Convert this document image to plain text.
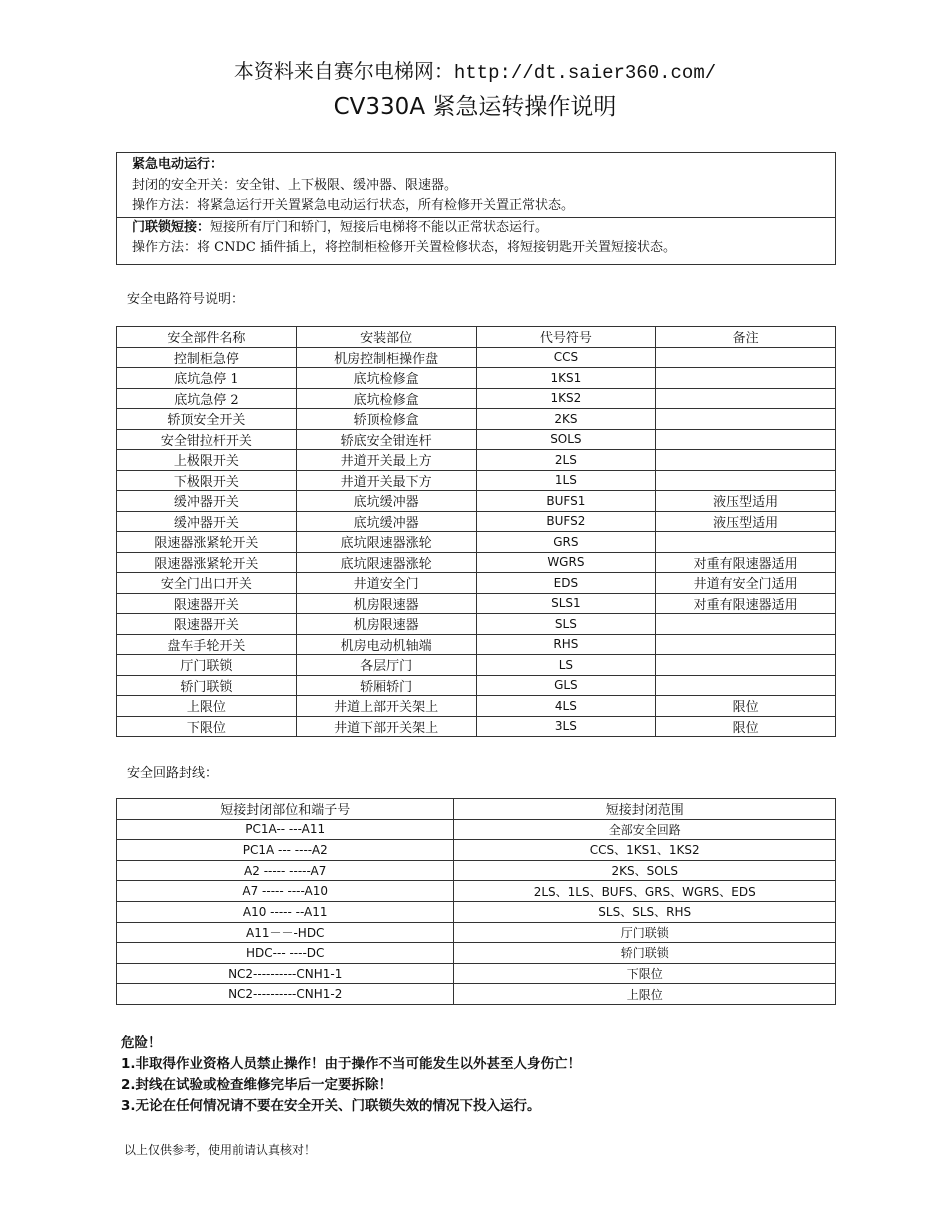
本资料来自赛尔电梯网：http://dt.saier360.com/
CV330A 紧急运转操作说明
紧急电动运行：
封闭的安全开关：安全钳、上下极限、缓冲器、限速器。
操作方法：将紧急运行开关置紧急电动运行状态，所有检修开关置正常状态。
门联锁短接：短接所有厅门和轿门，短接后电梯将不能以正常状态运行。
操作方法：将 CNDC 插件插上，将控制柜检修开关置检修状态，将短接钥匙开关置短接状态。
安全电路符号说明：
安全部件名称	安装部位	代号符号	备注
控制柜急停	机房控制柜操作盘	CCS	
底坑急停 1	底坑检修盒	1KS1	
底坑急停 2	底坑检修盒	1KS2	
轿顶安全开关	轿顶检修盒	2KS	
安全钳拉杆开关	轿底安全钳连杆	SOLS	
上极限开关	井道开关最上方	2LS	
下极限开关	井道开关最下方	1LS	
缓冲器开关	底坑缓冲器	BUFS1	液压型适用
缓冲器开关	底坑缓冲器	BUFS2	液压型适用
限速器涨紧轮开关	底坑限速器涨轮	GRS	
限速器涨紧轮开关	底坑限速器涨轮	WGRS	对重有限速器适用
安全门出口开关	井道安全门	EDS	井道有安全门适用
限速器开关	机房限速器	SLS1	对重有限速器适用
限速器开关	机房限速器	SLS	
盘车手轮开关	机房电动机轴端	RHS	
厅门联锁	各层厅门	LS	
轿门联锁	轿厢轿门	GLS	
上限位	井道上部开关架上	4LS	限位
下限位	井道下部开关架上	3LS	限位
安全回路封线：
短接封闭部位和端子号	短接封闭范围
PC1A-- ---A11	全部安全回路
PC1A --- ----A2	CCS、1KS1、1KS2
A2 ----- -----A7	2KS、SOLS
A7 ----- ----A10	2LS、1LS、BUFS、GRS、WGRS、EDS
A10 ----- --A11	SLS、SLS、RHS
A11－－-HDC	厅门联锁
HDC--- ----DC	轿门联锁
NC2----------CNH1-1	下限位
NC2----------CNH1-2	上限位
危险！
1.非取得作业资格人员禁止操作！由于操作不当可能发生以外甚至人身伤亡！
2.封线在试验或检查维修完毕后一定要拆除！
3.无论在任何情况请不要在安全开关、门联锁失效的情况下投入运行。
以上仅供参考，使用前请认真核对！
